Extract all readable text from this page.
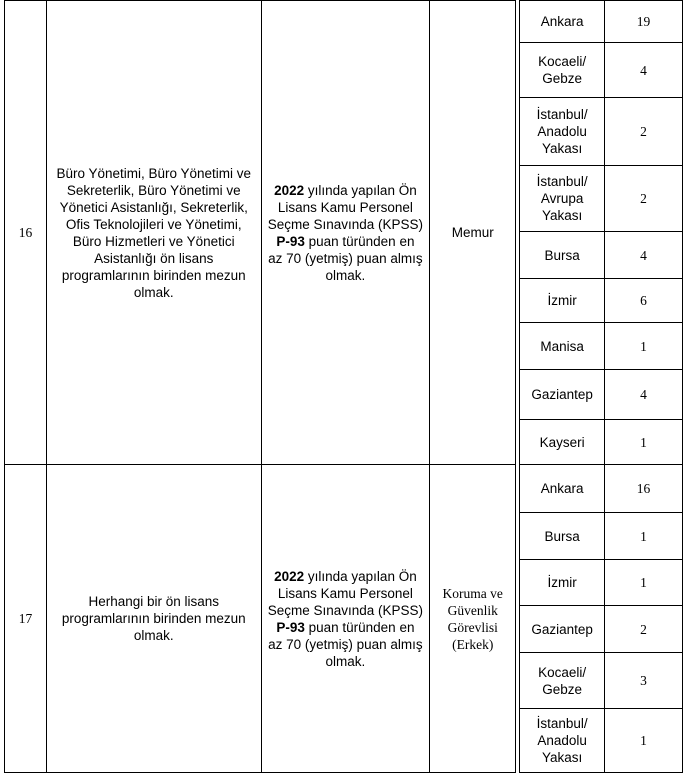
16	Büro Yönetimi, Büro Yönetimi ve Sekreterlik, Büro Yönetimi ve Yönetici Asistanlığı, Sekreterlik, Ofis Teknolojileri ve Yönetimi, Büro Hizmetleri ve Yönetici Asistanlığı ön lisans programlarının birinden mezun olmak.	2022 yılında yapılan Ön Lisans Kamu Personel Seçme Sınavında (KPSS) P-93 puan türünden en az 70 (yetmiş) puan almış olmak.	Memur		Ankara	19
					Kocaeli/ Gebze	4
					İstanbul/ Anadolu Yakası	2
					İstanbul/ Avrupa Yakası	2
					Bursa	4
					İzmir	6
					Manisa	1
					Gaziantep	4
					Kayseri	1
17	Herhangi bir ön lisans programlarının birinden mezun olmak.	2022 yılında yapılan Ön Lisans Kamu Personel Seçme Sınavında (KPSS) P-93 puan türünden en az 70 (yetmiş) puan almış olmak.	Koruma ve Güvenlik Görevlisi (Erkek)		Ankara	16
					Bursa	1
					İzmir	1
					Gaziantep	2
					Kocaeli/ Gebze	3
					İstanbul/ Anadolu Yakası	1
